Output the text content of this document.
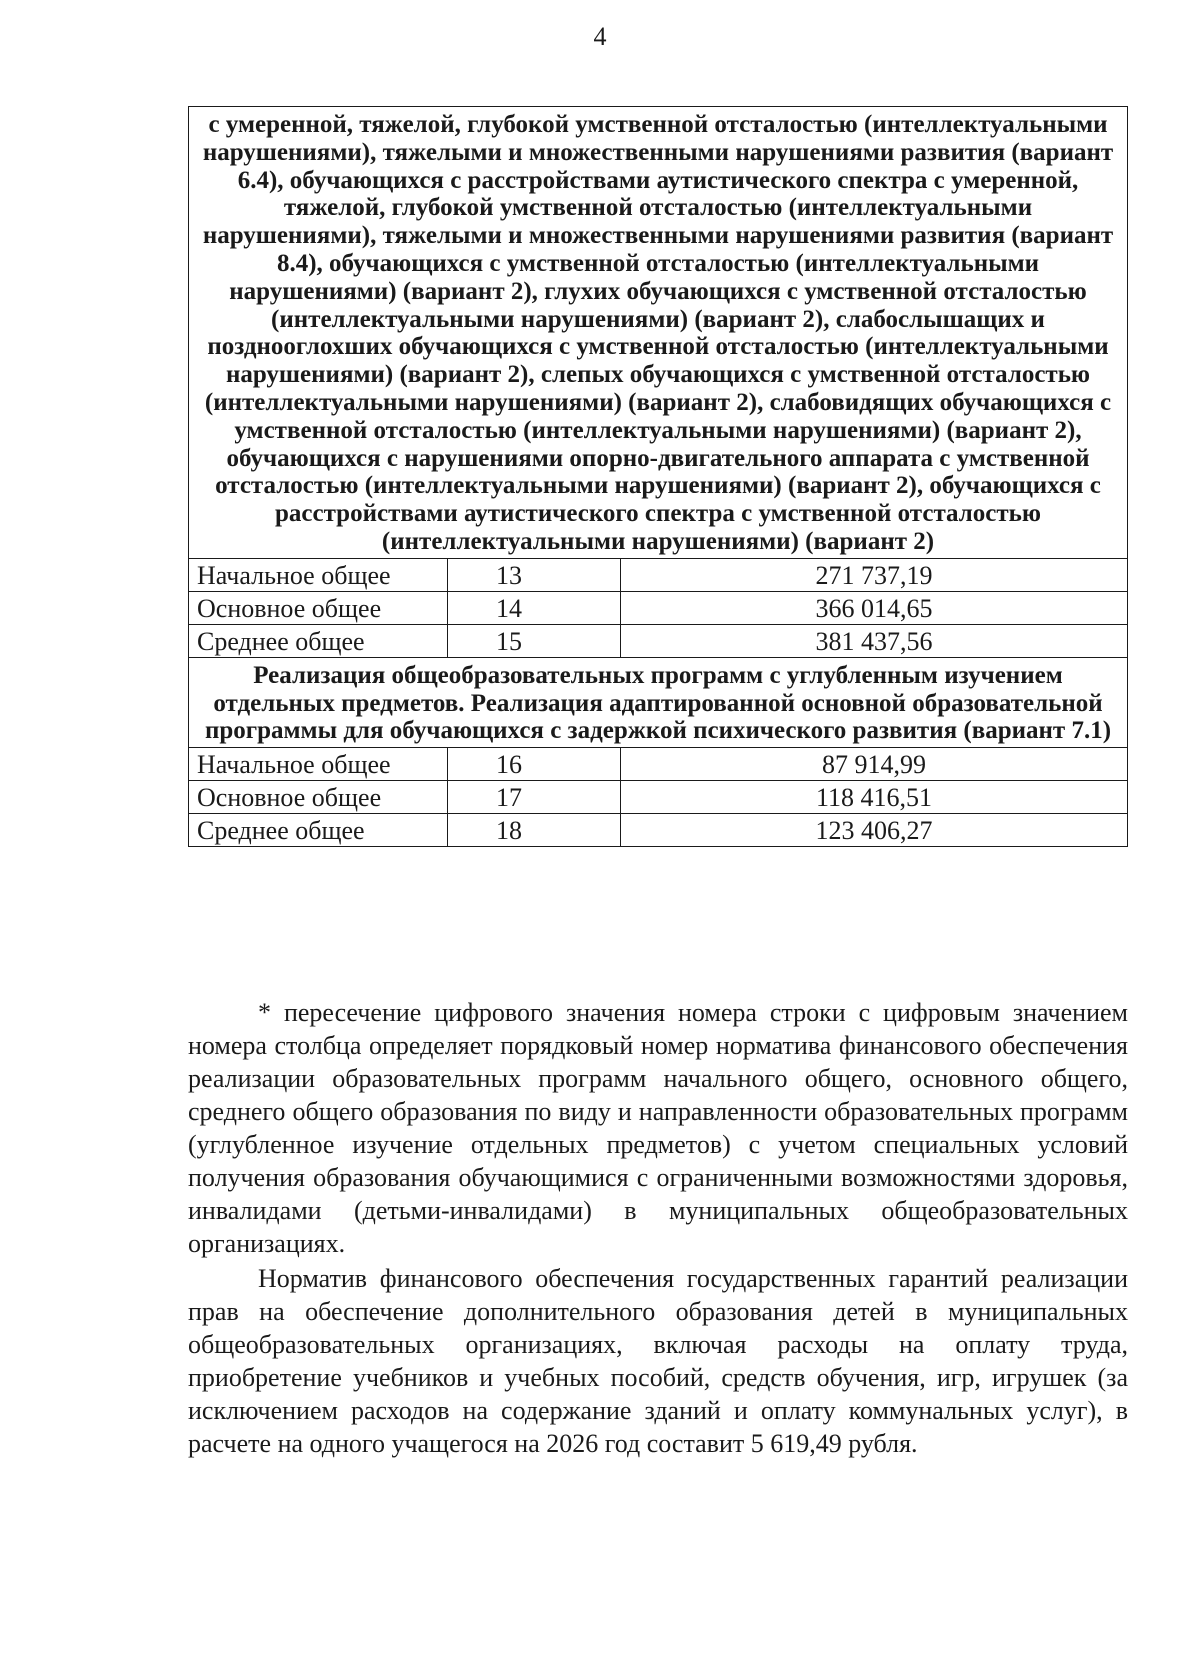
4
с умеренной, тяжелой, глубокой умственной отсталостью (интеллектуальными нарушениями), тяжелыми и множественными нарушениями развития (вариант 6.4), обучающихся с расстройствами аутистического спектра с умеренной, тяжелой, глубокой умственной отсталостью (интеллектуальными нарушениями), тяжелыми и множественными нарушениями развития (вариант 8.4), обучающихся с умственной отсталостью (интеллектуальными нарушениями) (вариант 2), глухих обучающихся с умственной отсталостью (интеллектуальными нарушениями) (вариант 2), слабослышащих и позднооглохших обучающихся с умственной отсталостью (интеллектуальными нарушениями) (вариант 2), слепых обучающихся с умственной отсталостью (интеллектуальными нарушениями) (вариант 2), слабовидящих обучающихся с умственной отсталостью (интеллектуальными нарушениями) (вариант 2), обучающихся с нарушениями опорно-двигательного аппарата с умственной отсталостью (интеллектуальными нарушениями) (вариант 2), обучающихся с расстройствами аутистического спектра с умственной отсталостью (интеллектуальными нарушениями) (вариант 2)		
Начальное общее	13	271 737,19
Основное общее	14	366 014,65
Среднее общее	15	381 437,56
Реализация общеобразовательных программ с углубленным изучением отдельных предметов. Реализация адаптированной основной образовательной программы для обучающихся с задержкой психического развития (вариант 7.1)		
Начальное общее	16	87 914,99
Основное общее	17	118 416,51
Среднее общее	18	123 406,27

* пересечение цифрового значения номера строки с цифровым значением номера столбца определяет порядковый номер норматива финансового обеспечения реализации образовательных программ начального общего, основного общего, среднего общего образования по виду и направленности образовательных программ (углубленное изучение отдельных предметов) с учетом специальных условий получения образования обучающимися с ограниченными возможностями здоровья, инвалидами (детьми-инвалидами) в муниципальных общеобразовательных организациях.

Норматив финансового обеспечения государственных гарантий реализации прав на обеспечение дополнительного образования детей в муниципальных общеобразовательных организациях, включая расходы на оплату труда, приобретение учебников и учебных пособий, средств обучения, игр, игрушек (за исключением расходов на содержание зданий и оплату коммунальных услуг), в расчете на одного учащегося на 2026 год составит 5 619,49 рубля.
